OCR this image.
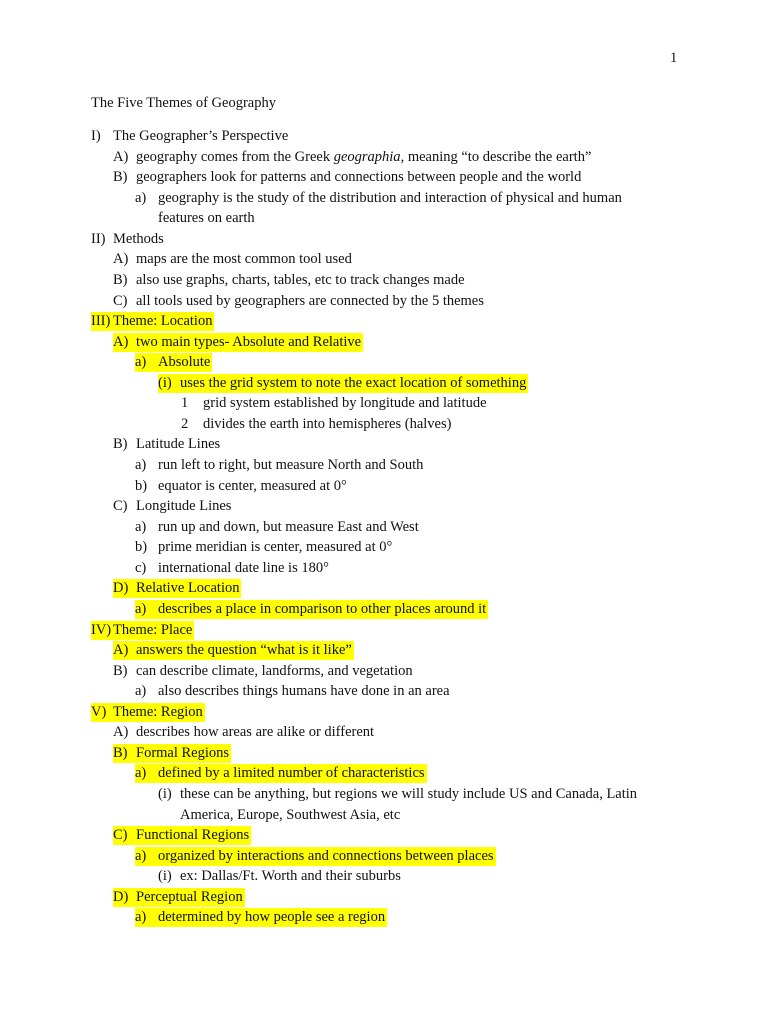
1
The Five Themes of Geography
I) The Geographer’s Perspective
A) geography comes from the Greek geographia, meaning “to describe the earth”
B) geographers look for patterns and connections between people and the world
a) geography is the study of the distribution and interaction of physical and human features on earth
II) Methods
A) maps are the most common tool used
B) also use graphs, charts, tables, etc to track changes made
C) all tools used by geographers are connected by the 5 themes
III) Theme: Location
A) two main types- Absolute and Relative
a) Absolute
(i) uses the grid system to note the exact location of something
1 grid system established by longitude and latitude
2 divides the earth into hemispheres (halves)
B) Latitude Lines
a) run left to right, but measure North and South
b) equator is center, measured at 0°
C) Longitude Lines
a) run up and down, but measure East and West
b) prime meridian is center, measured at 0°
c) international date line is 180°
D) Relative Location
a) describes a place in comparison to other places around it
IV) Theme: Place
A) answers the question “what is it like”
B) can describe climate, landforms, and vegetation
a) also describes things humans have done in an area
V) Theme: Region
A) describes how areas are alike or different
B) Formal Regions
a) defined by a limited number of characteristics
(i) these can be anything, but regions we will study include US and Canada, Latin America, Europe, Southwest Asia, etc
C) Functional Regions
a) organized by interactions and connections between places
(i) ex: Dallas/Ft. Worth and their suburbs
D) Perceptual Region
a) determined by how people see a region
